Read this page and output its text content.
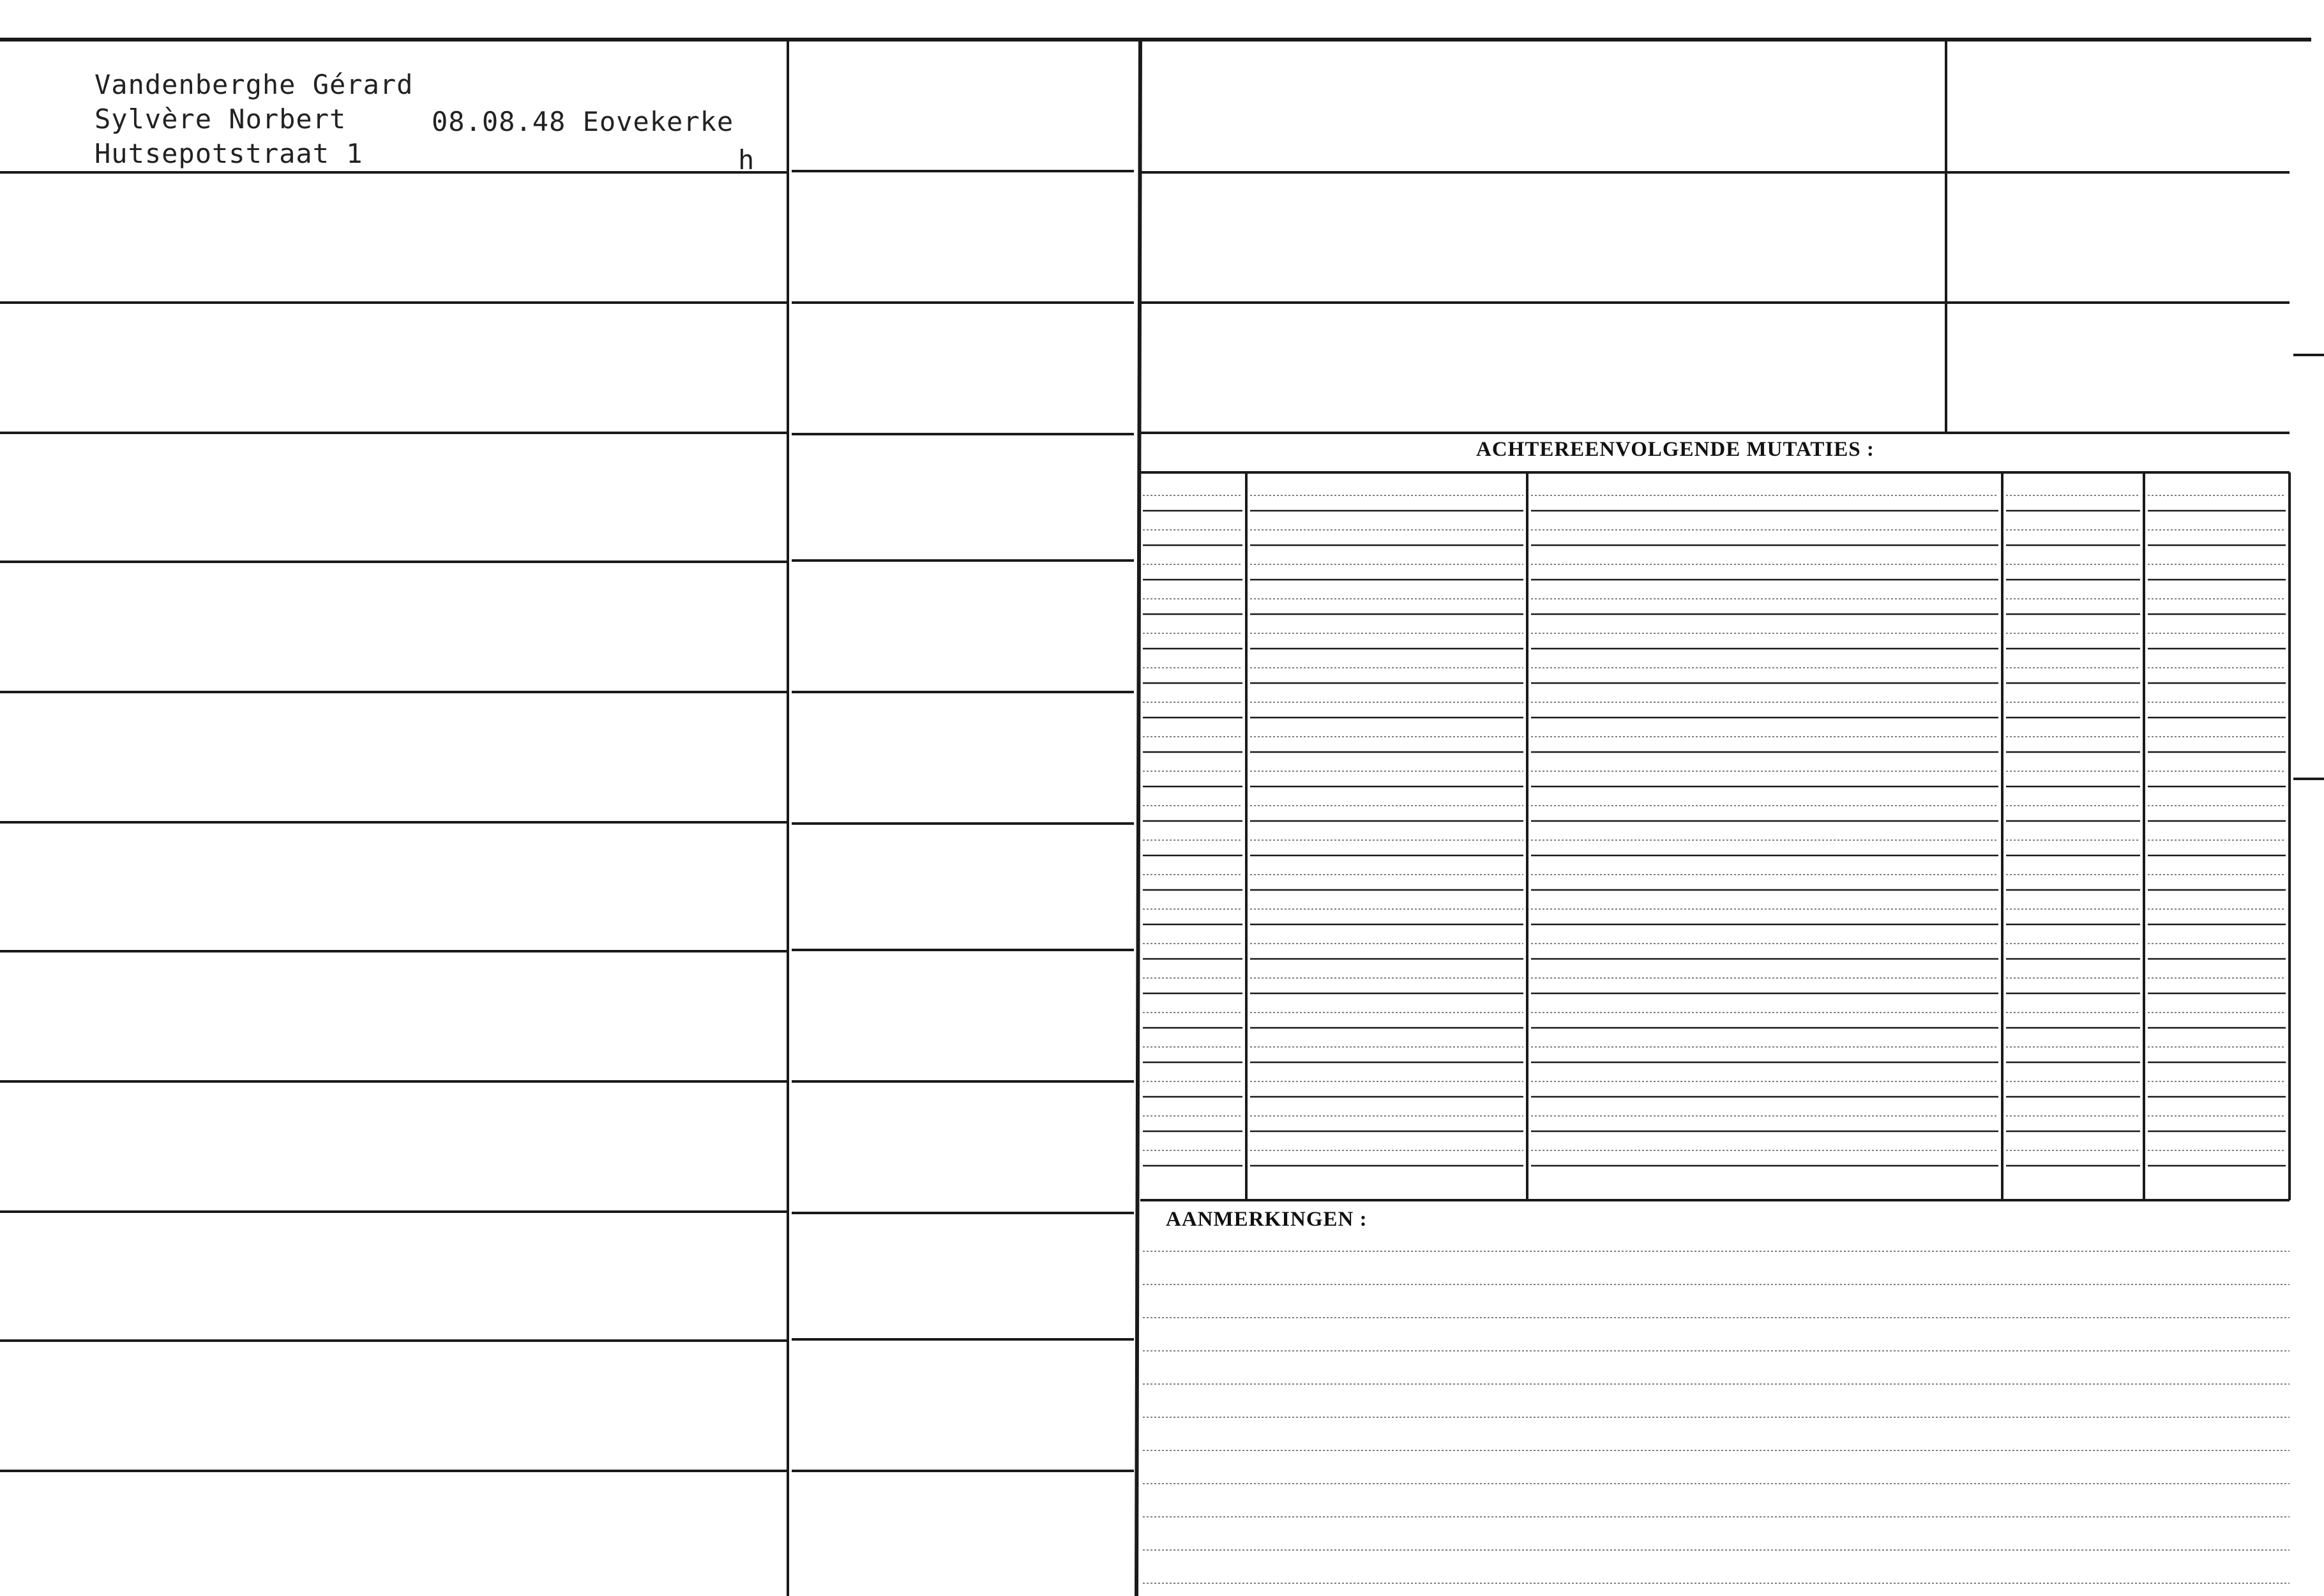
Vandenberghe Gérard
Sylvère Norbert	08.08.48 Eovekerke
Hutsepotstraat 1	h
ACHTEREENVOLGENDE MUTATIES :
AANMERKINGEN :
